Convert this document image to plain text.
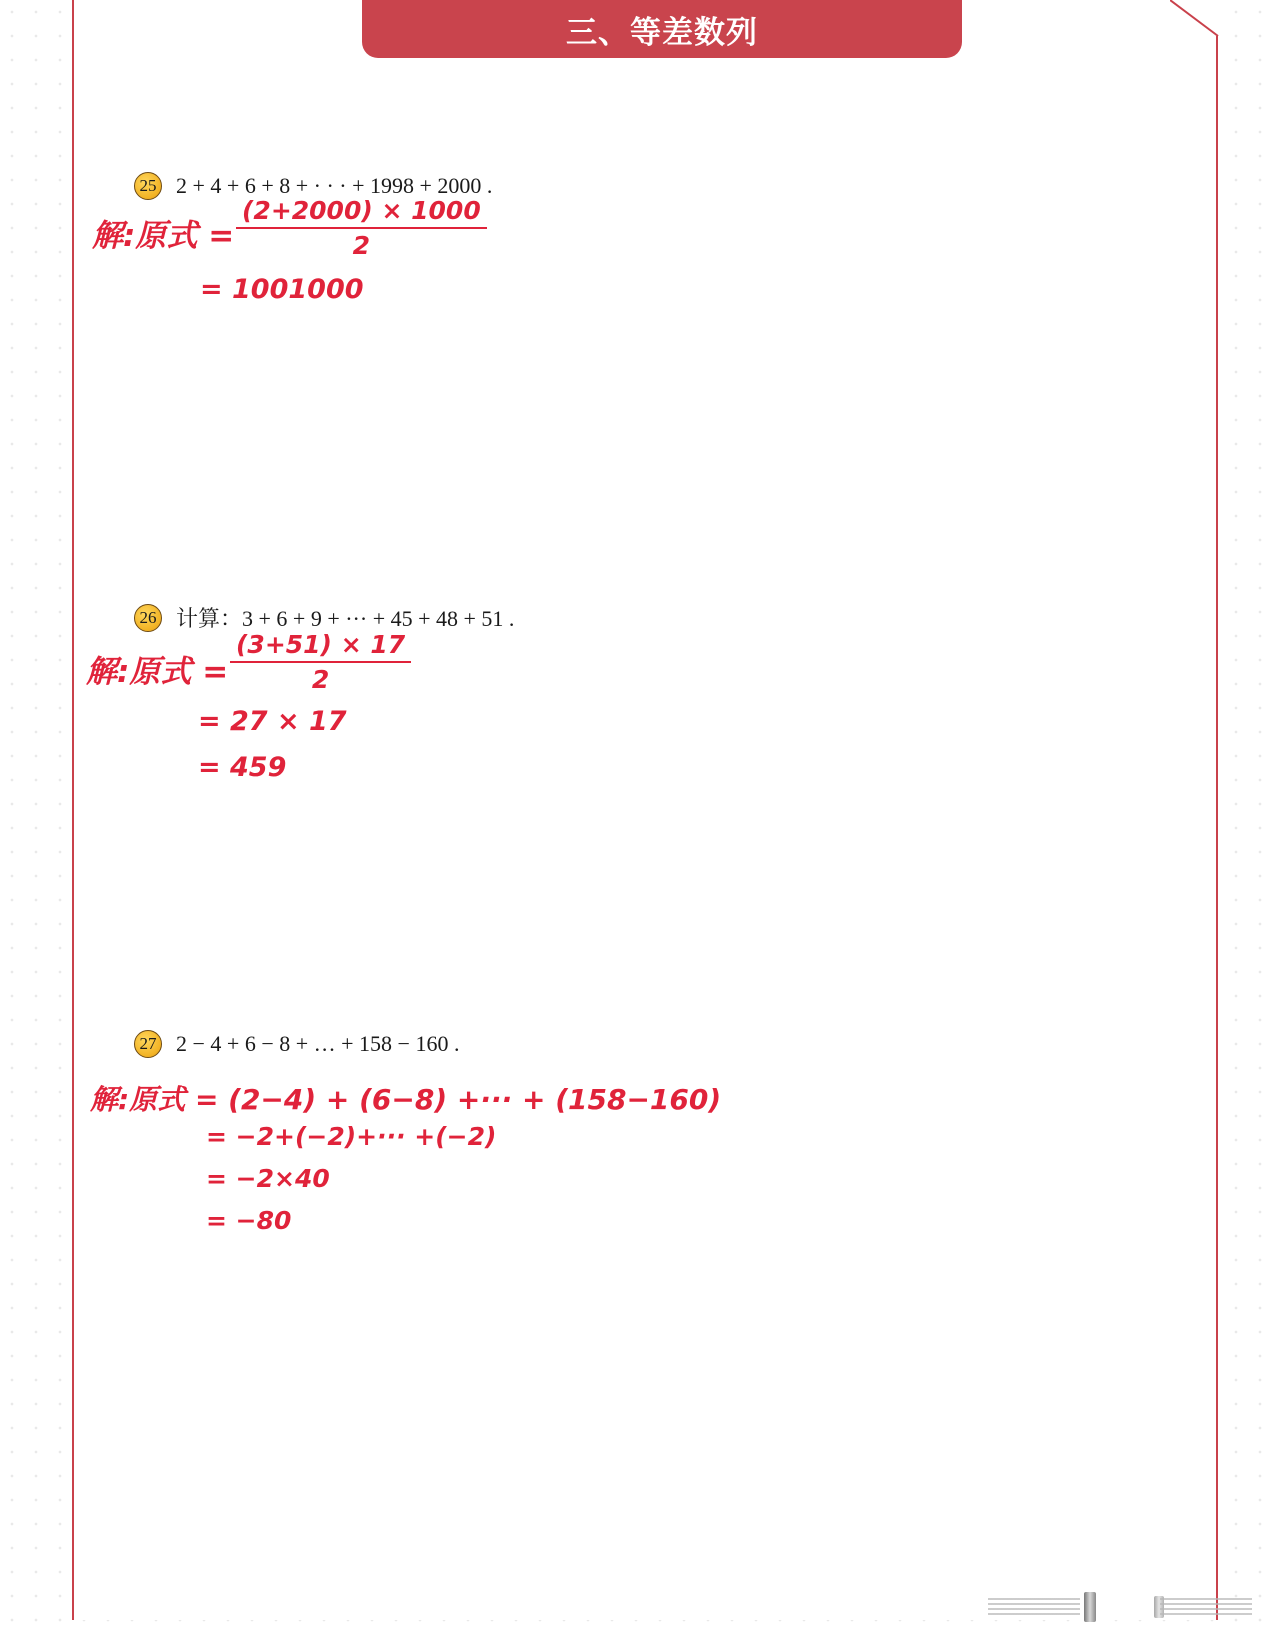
三、等差数列
25 2 + 4 + 6 + 8 + · · · + 1998 + 2000 .
解:原式 = $\frac{(2+2000) \times 1000}{2}$
= 1001000
26 计算：3 + 6 + 9 + ··· + 45 + 48 + 51 .
解:原式 = $\frac{(3+51) \times 17}{2}$
= 27 × 17
= 459
27 2 − 4 + 6 − 8 + … + 158 − 160 .
解:原式 = (2−4) + (6−8) +··· + (158−160)
= −2+(−2)+··· +(−2)
= −2×40
= −80
